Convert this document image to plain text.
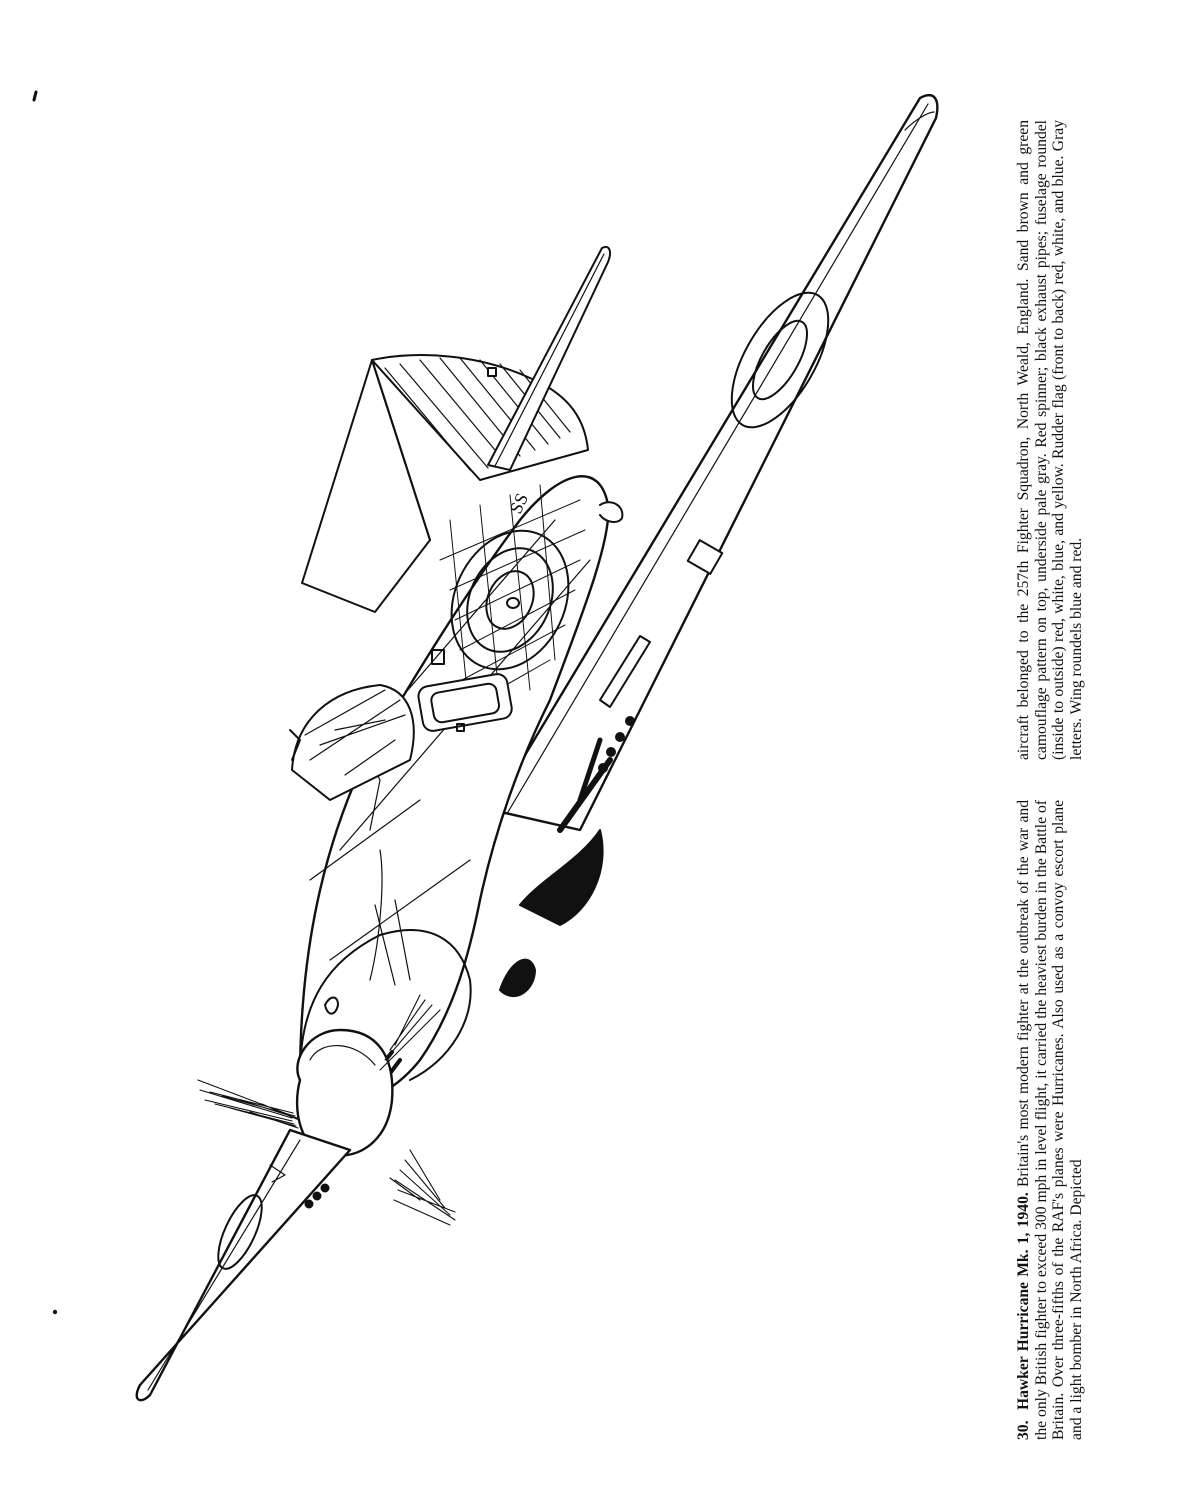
SS
30.  Hawker Hurricane Mk. 1, 1940. Britain's most modern fighter at the outbreak of the war and the only British fighter to exceed 300 mph in level flight, it carried the heaviest burden in the Battle of Britain. Over three-fifths of the RAF's planes were Hurricanes. Also used as a convoy escort plane and a light bomber in North Africa. Depicted
aircraft belonged to the 257th Fighter Squadron, North Weald, England. Sand brown and green camouflage pattern on top, underside pale gray. Red spinner; black exhaust pipes; fuselage roundel (inside to outside) red, white, blue, and yellow. Rudder flag (front to back) red, white, and blue. Gray letters. Wing roundels blue and red.
